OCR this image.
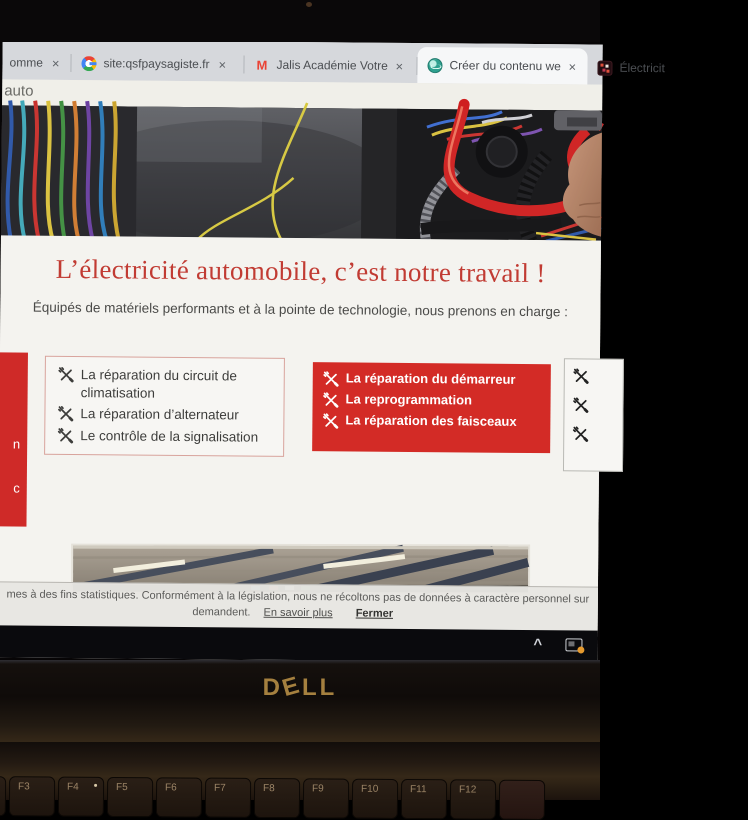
omme ×	site:qsfpaysagiste.fr × M Jalis Académie Votre ×	Créer du contenu we ×	Électricit
auto
L’électricité automobile, c’est notre travail !

Équipés de matériels performants et à la pointe de technologie, nous prenons en charge :

n
c
La réparation du circuit de climatisation
La réparation d’alternateur
Le contrôle de la signalisation
La réparation du démarreur
La reprogrammation
La réparation des faisceaux

mes à des fins statistiques. Conformément à la législation, nous ne récoltons pas de données à caractère personnel sur
demandent. En savoir plus Fermer
^
DELL
F3	F4	F5	F6	F7	F8	F9	F10	F11	F12
